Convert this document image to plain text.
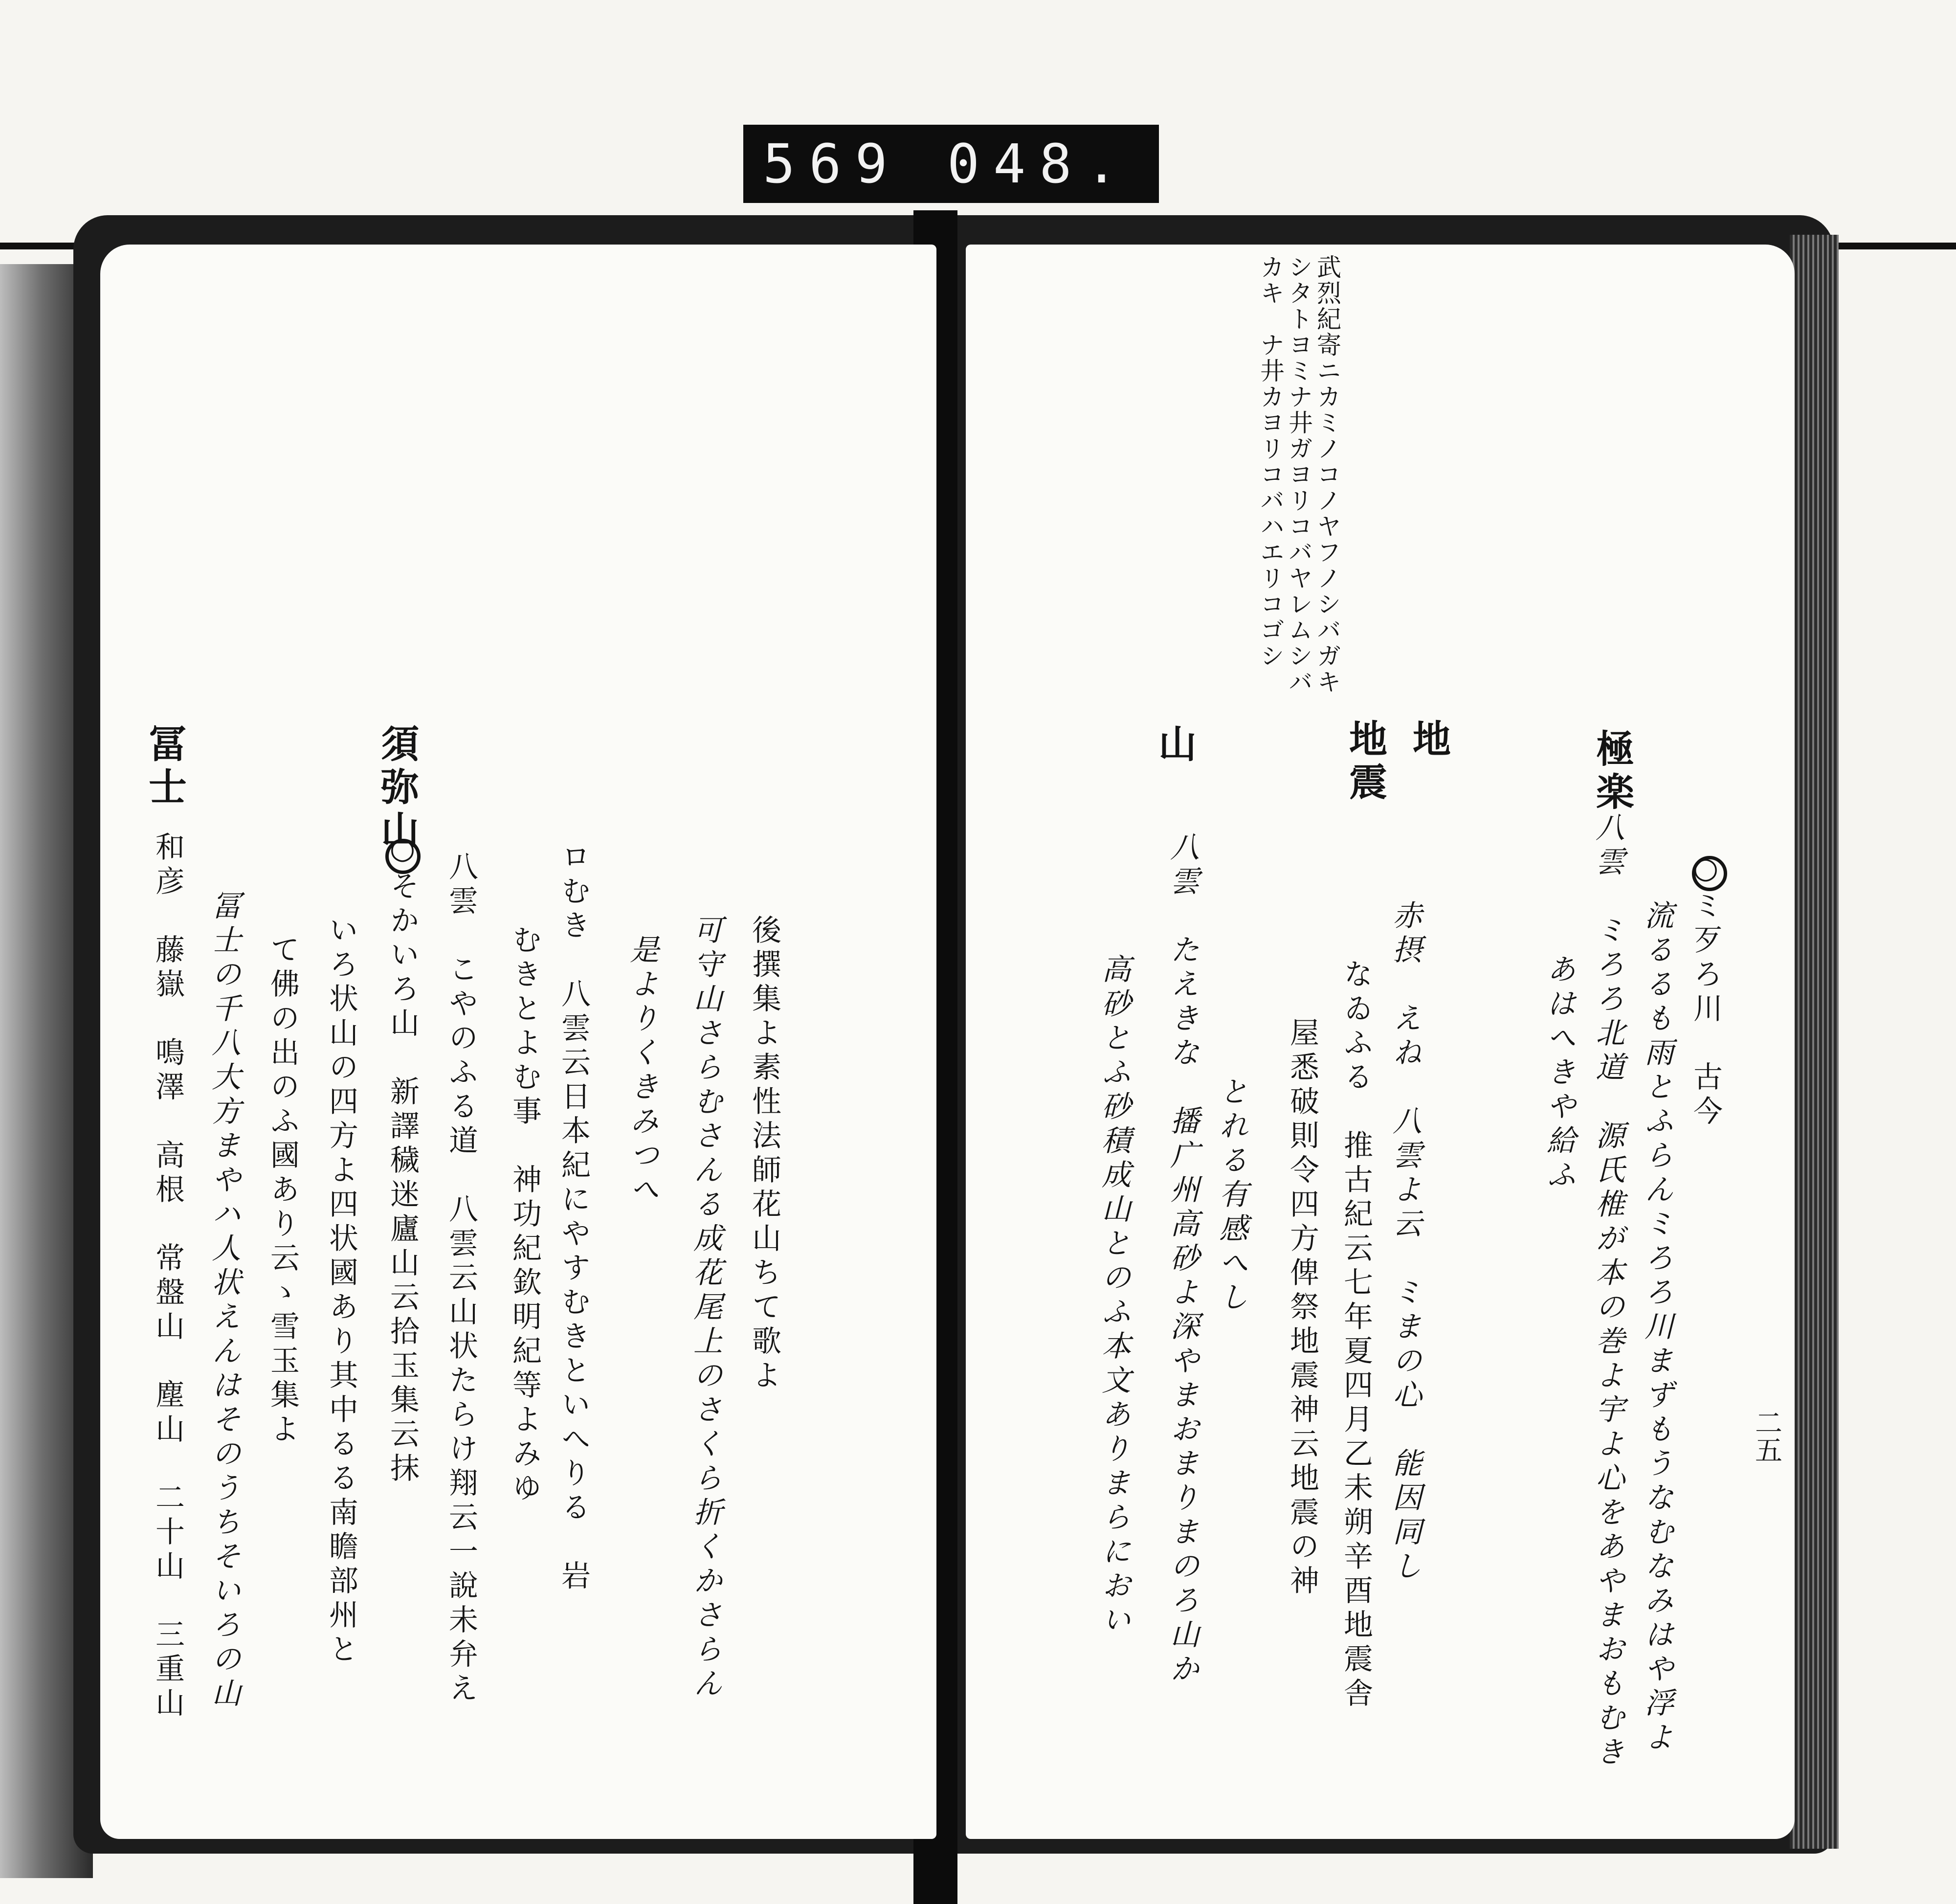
569 048.
武烈紀寄ニカミノコノヤフノシバガキ
シタトヨミナ井ガヨリコバヤレムシバ
カキ　ナ井カヨリコバハエリコゴシ
二五
○ミ歹ろ川　古今
流るるも雨とふらんミろろ川まずもうなむなみはや浮よ
八雲　ミろろ北道　源氏椎が本の巻よ宇よ心をあやまおもむき
あはへきや給ふ
極楽
地
地震
赤摂　えね　八雲よ云　ミまの心　能因同し
なゐふる　推古紀云七年夏四月乙未朔辛酉地震舎
屋悉破則令四方俾祭地震神云地震の神
とれる有感へし
山
八雲　たえきな　播广州高砂よ深やまおまりまのろ山か
高砂とふ砂積成山とのふ本文ありまらにおい
後撰集よ素性法師花山ちて歌よ
可守山さらむさんる成花尾上のさくら折くかさらん
是よりくきみつへ
ロむき　八雲云日本紀にやすむきといへりる　岩
むきとよむ事　神功紀欽明紀等よみゆ
須弥山
八雲　こやのふる道　八雲云山状たらけ翔云一說未弁え
○そかいろ山　新譯穢迷廬山云拾玉集云抹
いろ状山の四方よ四状國あり其中るる南瞻部州と
て佛の出のふ國あり云ゝ雪玉集よ
冨士の千八大方まやハ人状えんはそのうちそいろの山
和彦　藤嶽　鳴澤　高根　常盤山　塵山　二十山　三重山
冨士
